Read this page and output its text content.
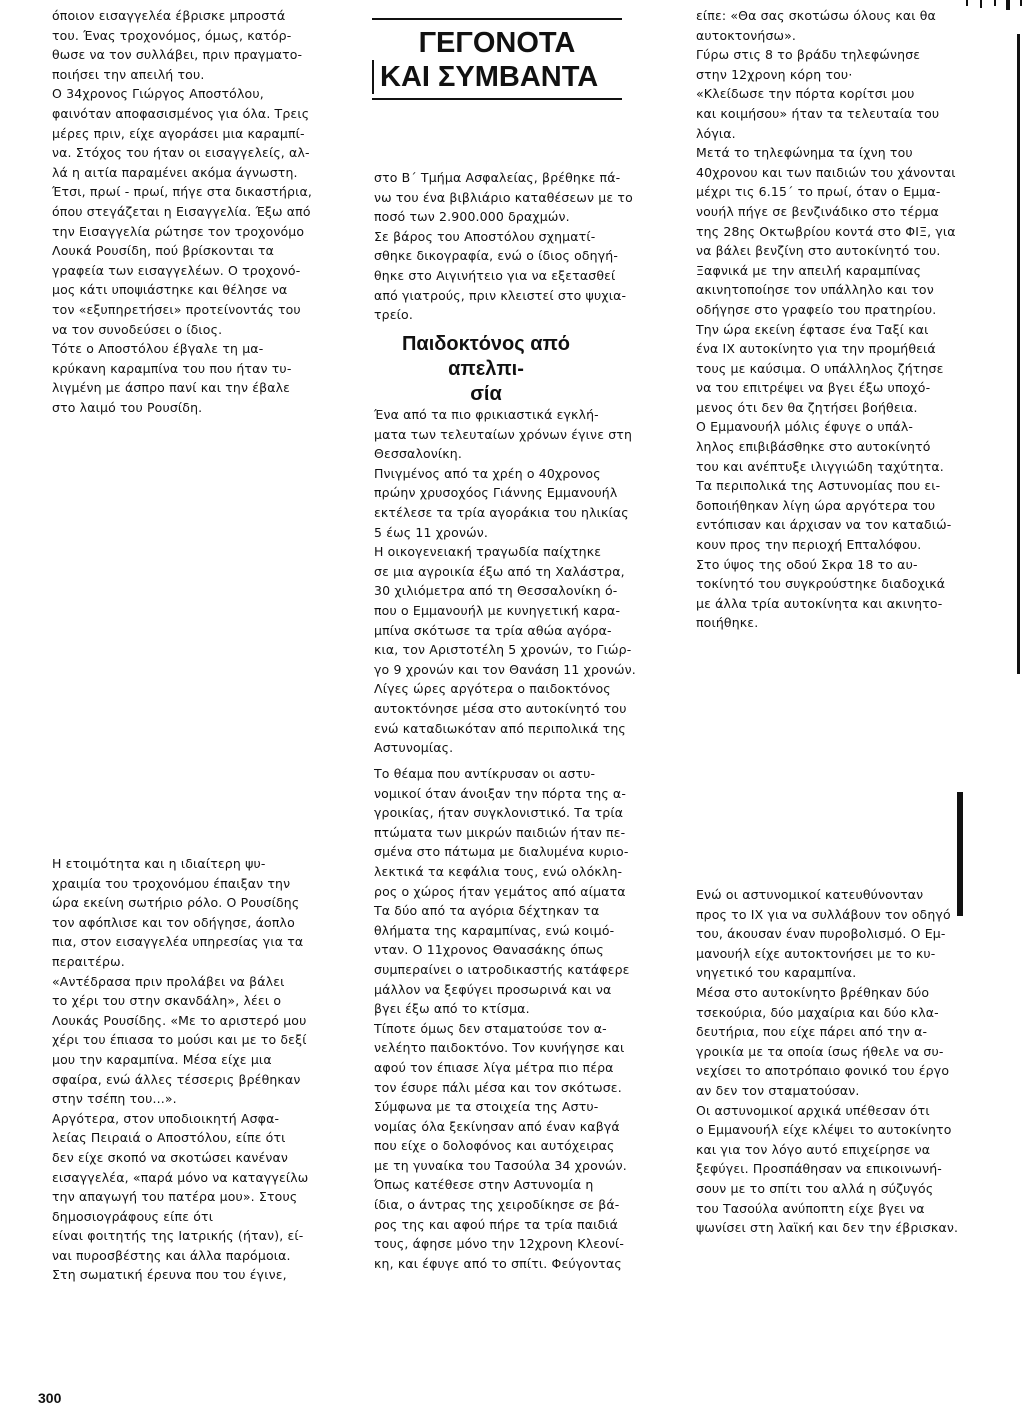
όποιον εισαγγελέα έβρισκε μπροστά
του. Ένας τροχονόμος, όμως, κατόρ-
θωσε να τον συλλάβει, πριν πραγματο-
ποιήσει την απειλή του.
Ο 34χρονος Γιώργος Αποστόλου,
φαινόταν αποφασισμένος για όλα. Τρεις
μέρες πριν, είχε αγοράσει μια καραμπί-
να. Στόχος του ήταν οι εισαγγελείς, αλ-
λά η αιτία παραμένει ακόμα άγνωστη.
Έτσι, πρωί - πρωί, πήγε στα δικαστήρια,
όπου στεγάζεται η Εισαγγελία. Έξω από
την Εισαγγελία ρώτησε τον τροχονόμο
Λουκά Ρουσίδη, πού βρίσκονται τα
γραφεία των εισαγγελέων. Ο τροχονό-
μος κάτι υποψιάστηκε και θέλησε να
τον «εξυπηρετήσει» προτείνοντάς του
να τον συνοδεύσει ο ίδιος.
Τότε ο Αποστόλου έβγαλε τη μα-
κρύκανη καραμπίνα του που ήταν τυ-
λιγμένη με άσπρο πανί και την έβαλε
στο λαιμό του Ρουσίδη.

Η ετοιμότητα και η ιδιαίτερη ψυ-
χραιμία του τροχονόμου έπαιξαν την
ώρα εκείνη σωτήριο ρόλο. Ο Ρουσίδης
τον αφόπλισε και τον οδήγησε, άοπλο
πια, στον εισαγγελέα υπηρεσίας για τα
περαιτέρω.
«Αντέδρασα πριν προλάβει να βάλει
το χέρι του στην σκανδάλη», λέει ο
Λουκάς Ρουσίδης. «Με το αριστερό μου
χέρι του έπιασα το μούσι και με το δεξί
μου την καραμπίνα. Μέσα είχε μια
σφαίρα, ενώ άλλες τέσσερις βρέθηκαν
στην τσέπη του...».
Αργότερα, στον υποδιοικητή Ασφα-
λείας Πειραιά ο Αποστόλου, είπε ότι
δεν είχε σκοπό να σκοτώσει κανέναν
εισαγγελέα, «παρά μόνο να καταγγείλω
την απαγωγή του πατέρα μου». Στους
δημοσιογράφους είπε ότι
είναι φοιτητής της Ιατρικής (ήταν), εί-
ναι πυροσβέστης και άλλα παρόμοια.
Στη σωματική έρευνα που του έγινε,

ΓΕΓΟΝΟΤΑ
ΚΑΙ ΣΥΜΒΑΝΤΑ

στο Β΄ Τμήμα Ασφαλείας, βρέθηκε πά-
νω του ένα βιβλιάριο καταθέσεων με το
ποσό των 2.900.000 δραχμών.
Σε βάρος του Αποστόλου σχηματί-
σθηκε δικογραφία, ενώ ο ίδιος οδηγή-
θηκε στο Αιγινήτειο για να εξετασθεί
από γιατρούς, πριν κλειστεί στο ψυχια-
τρείο.

Παιδοκτόνος από απελπι-
σία

Ένα από τα πιο φρικιαστικά εγκλή-
ματα των τελευταίων χρόνων έγινε στη
Θεσσαλονίκη.
Πνιγμένος από τα χρέη ο 40χρονος
πρώην χρυσοχόος Γιάννης Εμμανουήλ
εκτέλεσε τα τρία αγοράκια του ηλικίας
5 έως 11 χρονών.
Η οικογενειακή τραγωδία παίχτηκε
σε μια αγροικία έξω από τη Χαλάστρα,
30 χιλιόμετρα από τη Θεσσαλονίκη ό-
που ο Εμμανουήλ με κυνηγετική καρα-
μπίνα σκότωσε τα τρία αθώα αγόρα-
κια, τον Αριστοτέλη 5 χρονών, το Γιώρ-
γο 9 χρονών και τον Θανάση 11 χρονών.
Λίγες ώρες αργότερα ο παιδοκτόνος
αυτοκτόνησε μέσα στο αυτοκίνητό του
ενώ καταδιωκόταν από περιπολικά της
Αστυνομίας.

Το θέαμα που αντίκρυσαν οι αστυ-
νομικοί όταν άνοιξαν την πόρτα της α-
γροικίας, ήταν συγκλονιστικό. Τα τρία
πτώματα των μικρών παιδιών ήταν πε-
σμένα στο πάτωμα με διαλυμένα κυριο-
λεκτικά τα κεφάλια τους, ενώ ολόκλη-
ρος ο χώρος ήταν γεμάτος από αίματα
Τα δύο από τα αγόρια δέχτηκαν τα
θλήματα της καραμπίνας, ενώ κοιμό-
νταν. Ο 11χρονος Θανασάκης όπως
συμπεραίνει ο ιατροδικαστής κατάφερε
μάλλον να ξεφύγει προσωρινά και να
βγει έξω από το κτίσμα.
Τίποτε όμως δεν σταματούσε τον α-
νελέητο παιδοκτόνο. Τον κυνήγησε και
αφού τον έπιασε λίγα μέτρα πιο πέρα
τον έσυρε πάλι μέσα και τον σκότωσε.
Σύμφωνα με τα στοιχεία της Αστυ-
νομίας όλα ξεκίνησαν από έναν καβγά
που είχε ο δολοφόνος και αυτόχειρας
με τη γυναίκα του Τασούλα 34 χρονών.
Όπως κατέθεσε στην Αστυνομία η
ίδια, ο άντρας της χειροδίκησε σε βά-
ρος της και αφού πήρε τα τρία παιδιά
τους, άφησε μόνο την 12χρονη Κλεονί-
κη, και έφυγε από το σπίτι. Φεύγοντας

είπε: «Θα σας σκοτώσω όλους και θα
αυτοκτονήσω».
Γύρω στις 8 το βράδυ τηλεφώνησε
στην 12χρονη κόρη του·
«Κλείδωσε την πόρτα κορίτσι μου
και κοιμήσου» ήταν τα τελευταία του
λόγια.
Μετά το τηλεφώνημα τα ίχνη του
40χρονου και των παιδιών του χάνονται
μέχρι τις 6.15΄ το πρωί, όταν ο Εμμα-
νουήλ πήγε σε βενζινάδικο στο τέρμα
της 28ης Οκτωβρίου κοντά στο ΦΙΞ, για
να βάλει βενζίνη στο αυτοκίνητό του.
Ξαφνικά με την απειλή καραμπίνας
ακινητοποίησε τον υπάλληλο και τον
οδήγησε στο γραφείο του πρατηρίου.
Την ώρα εκείνη έφτασε ένα Ταξί και
ένα ΙΧ αυτοκίνητο για την προμήθειά
τους με καύσιμα. Ο υπάλληλος ζήτησε
να του επιτρέψει να βγει έξω υποχό-
μενος ότι δεν θα ζητήσει βοήθεια.
Ο Εμμανουήλ μόλις έφυγε ο υπάλ-
ληλος επιβιβάσθηκε στο αυτοκίνητό
του και ανέπτυξε ιλιγγιώδη ταχύτητα.
Τα περιπολικά της Αστυνομίας που ει-
δοποιήθηκαν λίγη ώρα αργότερα του
εντόπισαν και άρχισαν να τον καταδιώ-
κουν προς την περιοχή Επταλόφου.
Στο ύψος της οδού Σκρα 18 το αυ-
τοκίνητό του συγκρούστηκε διαδοχικά
με άλλα τρία αυτοκίνητα και ακινητο-
ποιήθηκε.

Ενώ οι αστυνομικοί κατευθύνονταν
προς το ΙΧ για να συλλάβουν τον οδηγό
του, άκουσαν έναν πυροβολισμό. Ο Εμ-
μανουήλ είχε αυτοκτονήσει με το κυ-
νηγετικό του καραμπίνα.
Μέσα στο αυτοκίνητο βρέθηκαν δύο
τσεκούρια, δύο μαχαίρια και δύο κλα-
δευτήρια, που είχε πάρει από την α-
γροικία με τα οποία ίσως ήθελε να συ-
νεχίσει το αποτρόπαιο φονικό του έργο
αν δεν τον σταματούσαν.
Οι αστυνομικοί αρχικά υπέθεσαν ότι
ο Εμμανουήλ είχε κλέψει το αυτοκίνητο
και για τον λόγο αυτό επιχείρησε να
ξεφύγει. Προσπάθησαν να επικοινωνή-
σουν με το σπίτι του αλλά η σύζυγός
του Τασούλα ανύποπτη είχε βγει να
ψωνίσει στη λαϊκή και δεν την έβρισκαν.

300
